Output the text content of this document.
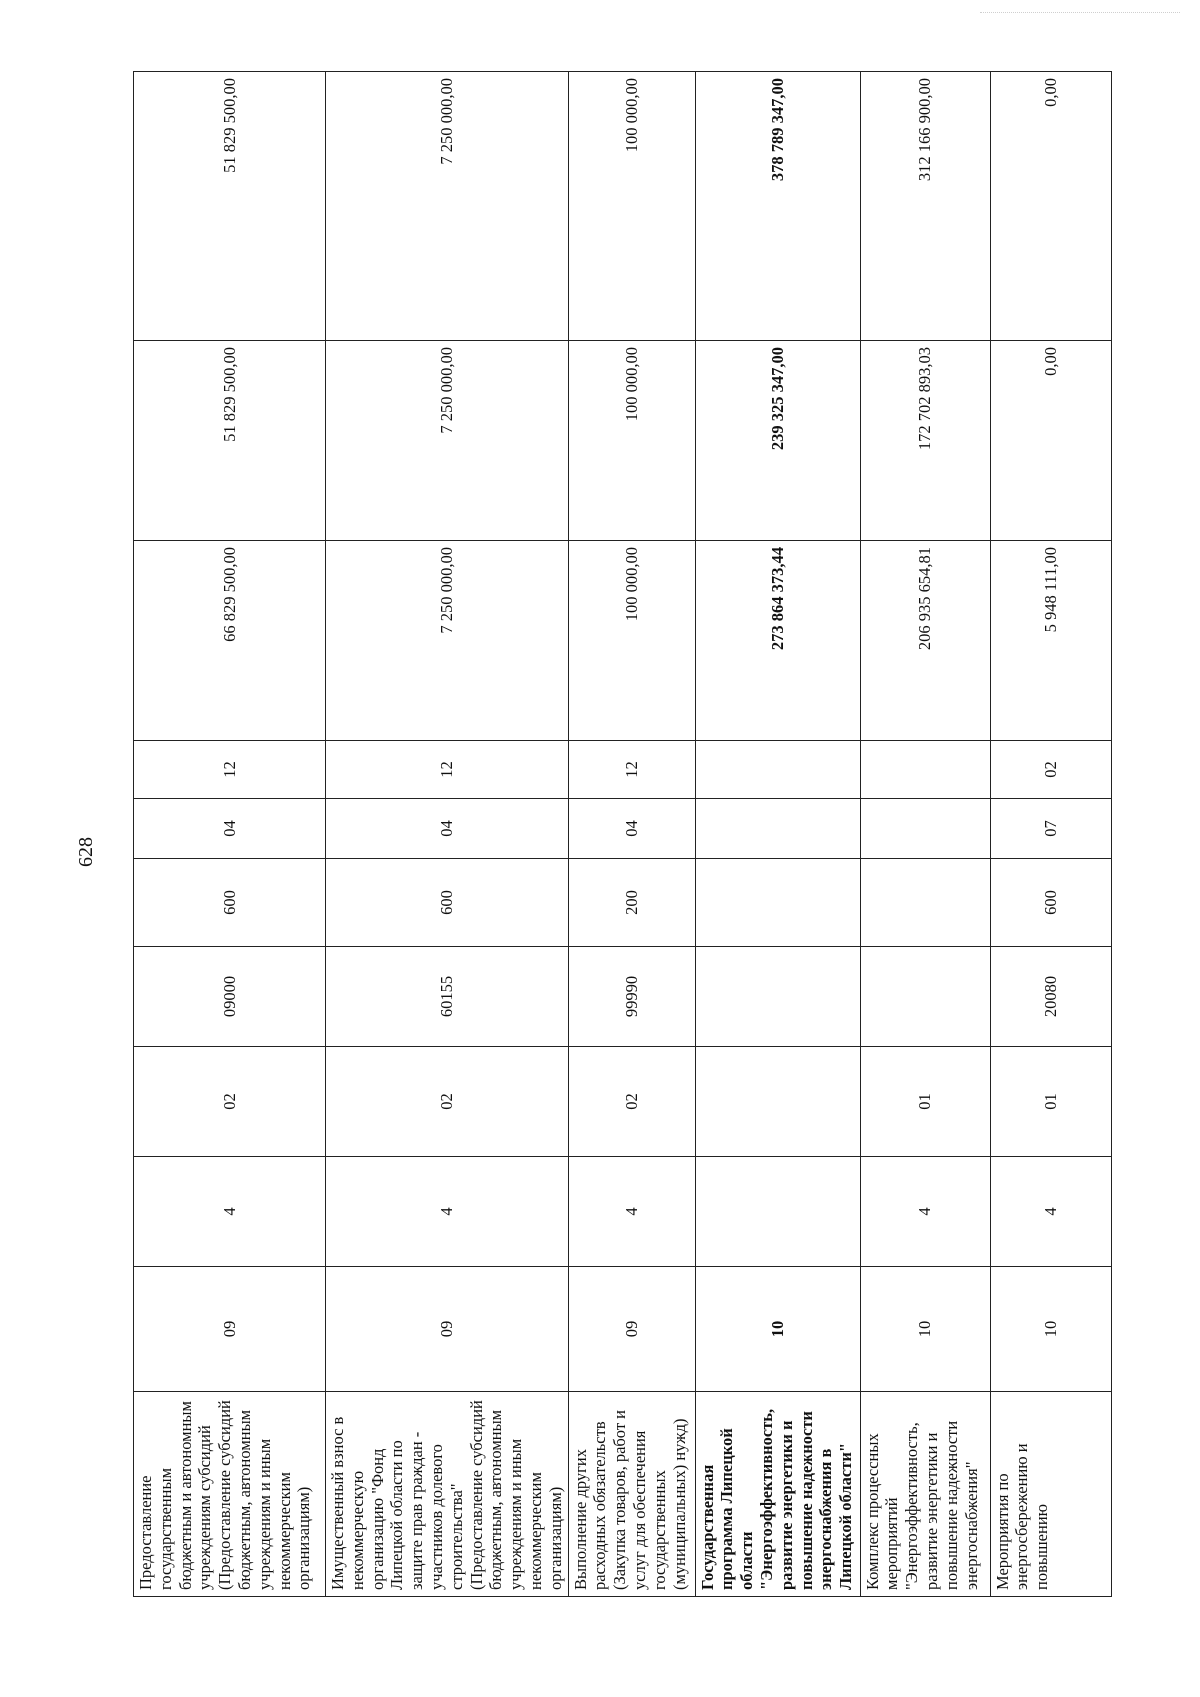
628
Предоставление государственным бюджетным и автономным учреждениям субсидий (Предоставление субсидий бюджетным, автономным учреждениям и иным некоммерческим организациям)	09	4	02	09000	600	04	12	66 829 500,00	51 829 500,00	51 829 500,00
Имущественный взнос в некоммерческую организацию "Фонд Липецкой области по защите прав граждан - участников долевого строительства" (Предоставление субсидий бюджетным, автономным учреждениям и иным некоммерческим организациям)	09	4	02	60155	600	04	12	7 250 000,00	7 250 000,00	7 250 000,00
Выполнение других расходных обязательств (Закупка товаров, работ и услуг для обеспечения государственных (муниципальных) нужд)	09	4	02	99990	200	04	12	100 000,00	100 000,00	100 000,00
Государственная программа Липецкой области "Энергоэффективность, развитие энергетики и повышение надежности энергоснабжения в Липецкой области"	10							273 864 373,44	239 325 347,00	378 789 347,00
Комплекс процессных мероприятий "Энергоэффективность, развитие энергетики и повышение надежности энергоснабжения"	10	4	01					206 935 654,81	172 702 893,03	312 166 900,00
Мероприятия по энергосбережению и повышению	10	4	01	20080	600	07	02	5 948 111,00	0,00	0,00
